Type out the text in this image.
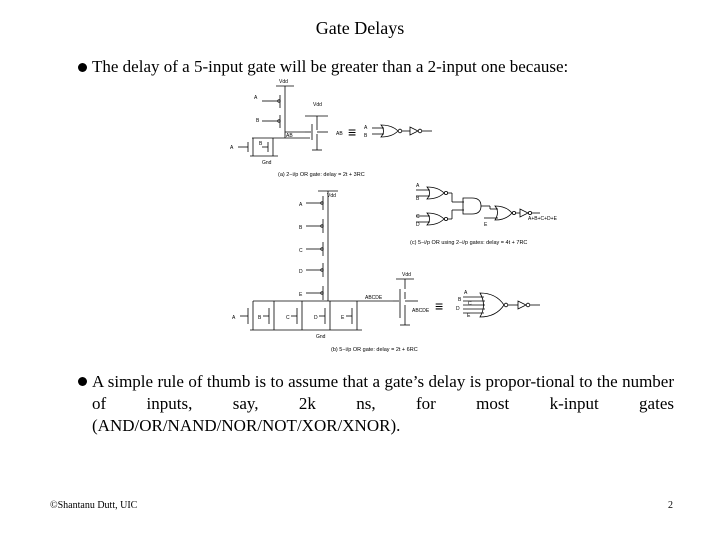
Gate Delays
The delay of a 5-input gate will be greater than a 2-input one because:
A
B
A
B
Vdd
Vdd
AB	AB
Gnd
≡ A
B
(a) 2−i/p OR gate: delay = 2t + 3RC
Vdd
A
B
C
D
E
A	B	C	D	E
ABCDE
Vdd
ABCDE
Gnd
≡
A
B
C
D
E
(b) 5−i/p OR gate: delay = 2t + 6RC
A
B
C
D	E
A+B+C+D+E
(c) 5−i/p OR using 2−i/p gates: delay = 4t + 7RC
A simple rule of thumb is to assume that a gate’s delay is propor-tional to the number of inputs, say, 2k ns, for most k-input gates (AND/OR/NAND/NOR/NOT/XOR/XNOR).
©Shantanu Dutt, UIC	2
